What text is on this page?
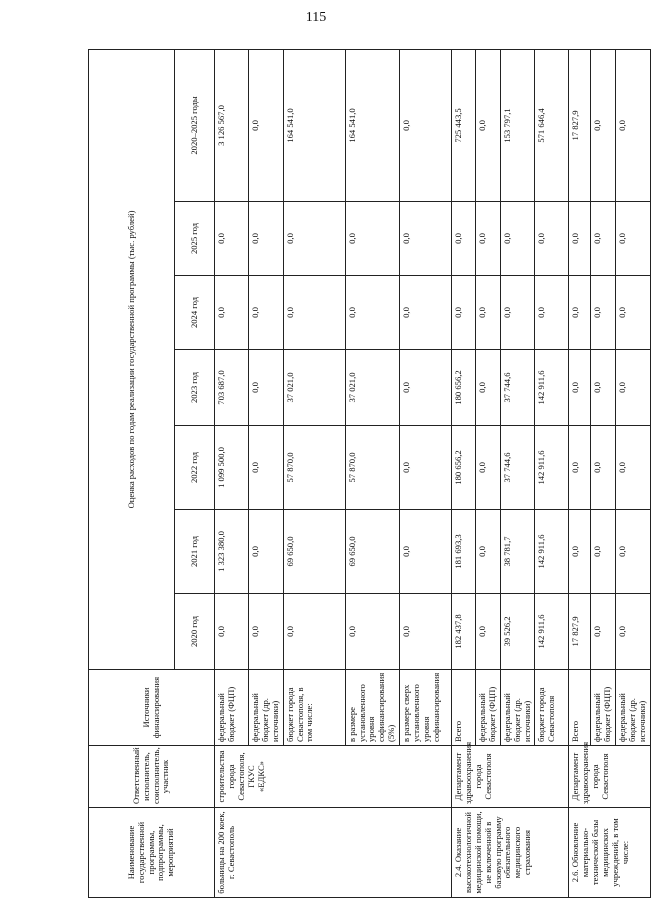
115
Наименование государственной программы, подпрограммы, мероприятий	Ответственный исполнитель, соисполнитель, участник	Источники финансирования	Оценка расходов по годам реализации государственной программы (тыс. рублей)						
			2020 год	2021 год	2022 год	2023 год	2024 год	2025 год	2020–2025 годы
больницы на 200 коек, г. Севастополь	строительства города Севастополя, ГКУС «ЕДКС»	федеральный бюджет (ФЦП)	0,0	1 323 380,0	1 099 500,0	703 687,0	0,0	0,0	3 126 567,0
		федеральный бюджет (др. источники)	0,0	0,0	0,0	0,0	0,0	0,0	0,0
		бюджет города Севастополя, в том числе:	0,0	69 650,0	57 870,0	37 021,0	0,0	0,0	164 541,0
		в размере установленного уровня софинансирования (5%)	0,0	69 650,0	57 870,0	37 021,0	0,0	0,0	164 541,0
		в размере сверх установленного уровня софинансирования	0,0	0,0	0,0	0,0	0,0	0,0	0,0
2.4. Оказание высокотехнологичной медицинской помощи, не включенной в базовую программу обязательного медицинского страхования	Департамент здравоохранения города Севастополя	Всего	182 437,8	181 693,3	180 656,2	180 656,2	0,0	0,0	725 443,5
		федеральный бюджет (ФЦП)	0,0	0,0	0,0	0,0	0,0	0,0	0,0
		федеральный бюджет (др. источники)	39 526,2	38 781,7	37 744,6	37 744,6	0,0	0,0	153 797,1
		бюджет города Севастополя	142 911,6	142 911,6	142 911,6	142 911,6	0,0	0,0	571 646,4
2.6. Обновление материально-технической базы медицинских учреждений, в том числе:	Департамент здравоохранения города Севастополя	Всего	17 827,9	0,0	0,0	0,0	0,0	0,0	17 827,9
		федеральный бюджет (ФЦП)	0,0	0,0	0,0	0,0	0,0	0,0	0,0
		федеральный бюджет (др. источники)	0,0	0,0	0,0	0,0	0,0	0,0	0,0
